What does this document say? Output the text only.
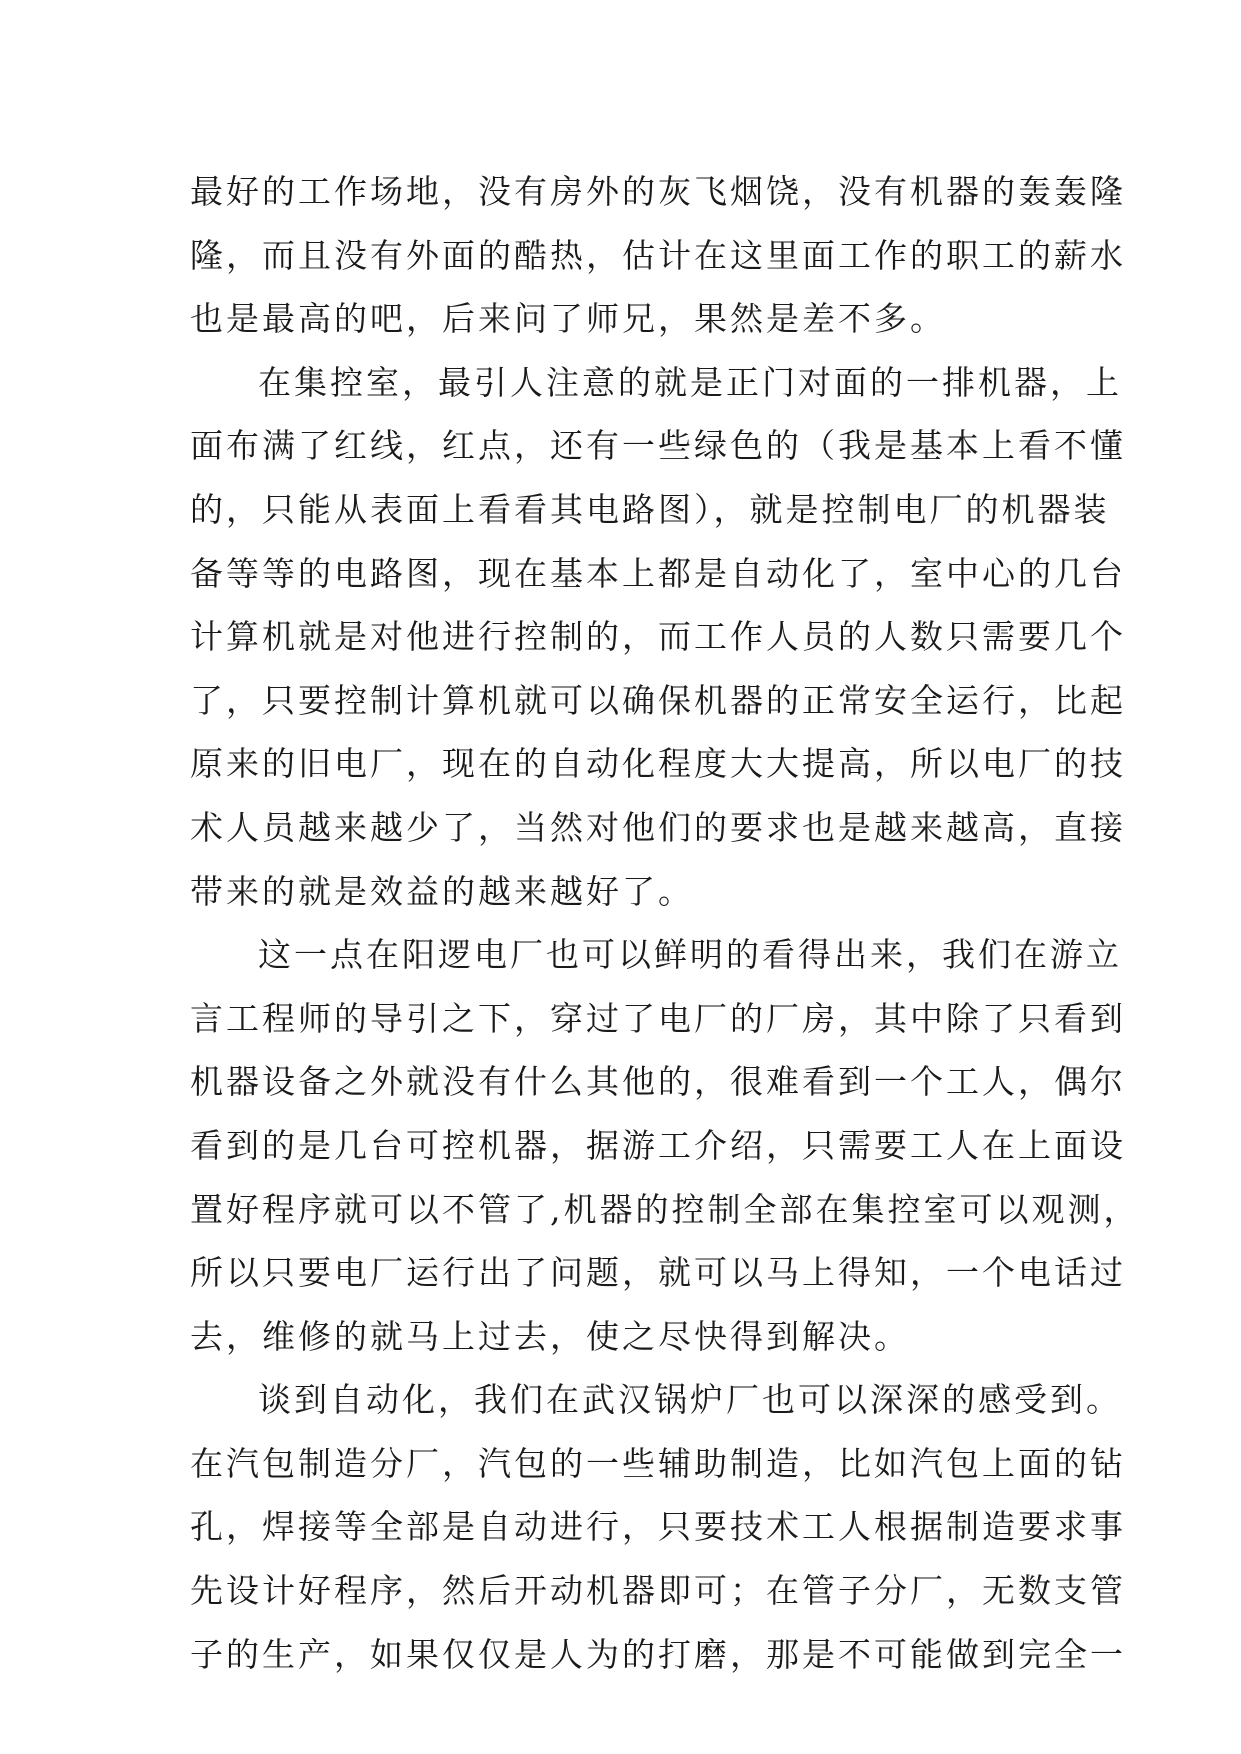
最好的工作场地，没有房外的灰飞烟饶，没有机器的轰轰隆
隆，而且没有外面的酷热，估计在这里面工作的职工的薪水
也是最高的吧，后来问了师兄，果然是差不多。
在集控室，最引人注意的就是正门对面的一排机器，上
面布满了红线，红点，还有一些绿色的（我是基本上看不懂
的，只能从表面上看看其电路图），就是控制电厂的机器装
备等等的电路图，现在基本上都是自动化了，室中心的几台
计算机就是对他进行控制的，而工作人员的人数只需要几个
了，只要控制计算机就可以确保机器的正常安全运行，比起
原来的旧电厂，现在的自动化程度大大提高，所以电厂的技
术人员越来越少了，当然对他们的要求也是越来越高，直接
带来的就是效益的越来越好了。
这一点在阳逻电厂也可以鲜明的看得出来，我们在游立
言工程师的导引之下，穿过了电厂的厂房，其中除了只看到
机器设备之外就没有什么其他的，很难看到一个工人，偶尔
看到的是几台可控机器，据游工介绍，只需要工人在上面设
置好程序就可以不管了,机器的控制全部在集控室可以观测，
所以只要电厂运行出了问题，就可以马上得知，一个电话过
去，维修的就马上过去，使之尽快得到解决。
谈到自动化，我们在武汉锅炉厂也可以深深的感受到。
在汽包制造分厂，汽包的一些辅助制造，比如汽包上面的钻
孔，焊接等全部是自动进行，只要技术工人根据制造要求事
先设计好程序，然后开动机器即可；在管子分厂，无数支管
子的生产，如果仅仅是人为的打磨，那是不可能做到完全一
